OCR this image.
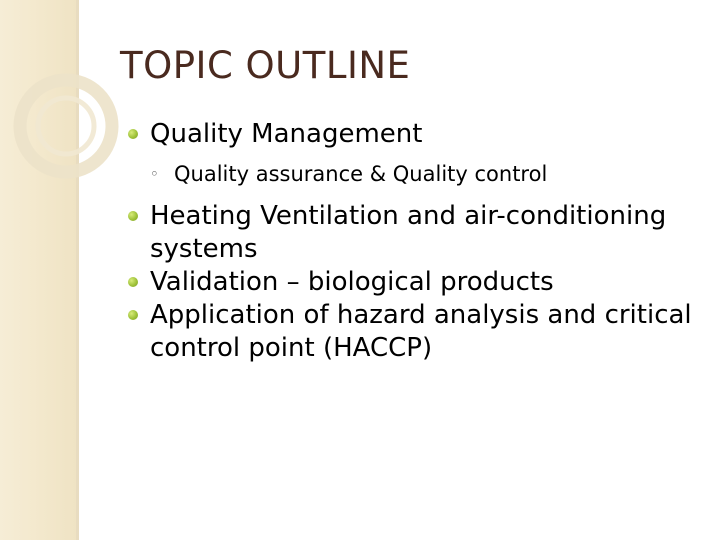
TOPIC OUTLINE
Quality Management
◦ Quality assurance & Quality control
Heating Ventilation and air-conditioning systems
Validation – biological products
Application of hazard analysis and critical control point (HACCP)
